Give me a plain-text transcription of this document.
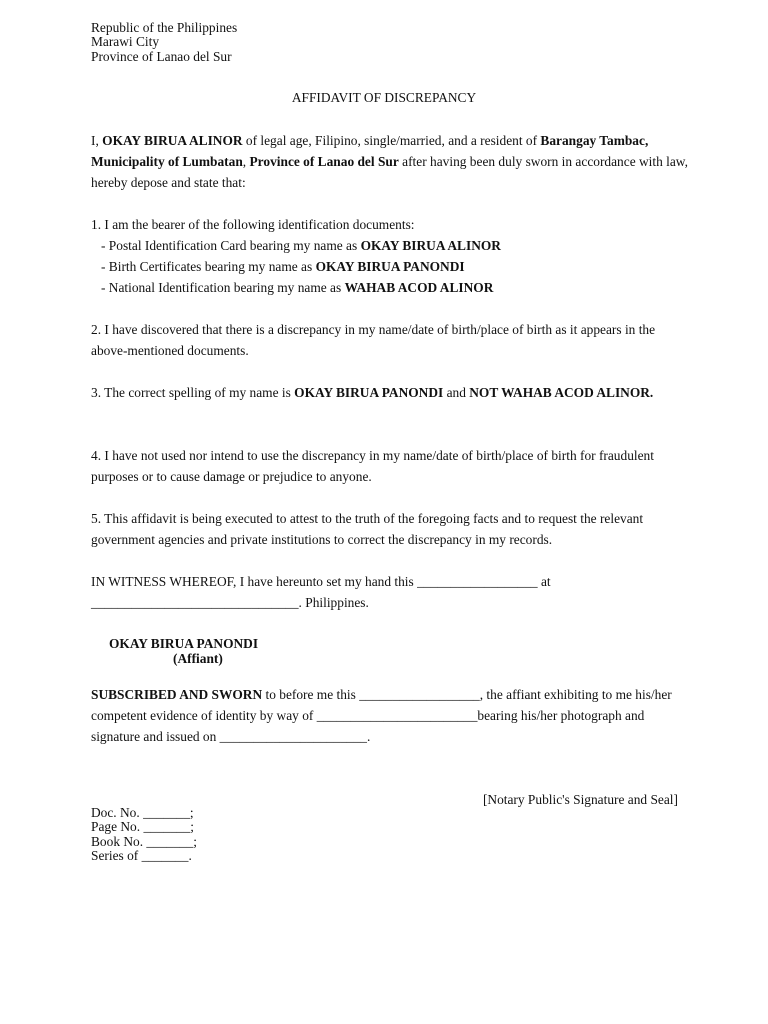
Republic of the Philippines
Marawi City
Province of Lanao del Sur
AFFIDAVIT OF DISCREPANCY
I, OKAY BIRUA ALINOR of legal age, Filipino, single/married, and a resident of Barangay Tambac, Municipality of Lumbatan, Province of Lanao del Sur after having been duly sworn in accordance with law, hereby depose and state that:
1. I am the bearer of the following identification documents:
- Postal Identification Card bearing my name as OKAY BIRUA ALINOR
- Birth Certificates bearing my name as OKAY BIRUA PANONDI
- National Identification bearing my name as WAHAB ACOD ALINOR
2. I have discovered that there is a discrepancy in my name/date of birth/place of birth as it appears in the above-mentioned documents.
3. The correct spelling of my name is OKAY BIRUA PANONDI and NOT WAHAB ACOD ALINOR.
4. I have not used nor intend to use the discrepancy in my name/date of birth/place of birth for fraudulent purposes or to cause damage or prejudice to anyone.
5. This affidavit is being executed to attest to the truth of the foregoing facts and to request the relevant government agencies and private institutions to correct the discrepancy in my records.
IN WITNESS WHEREOF, I have hereunto set my hand this __________________ at
_______________________________. Philippines.
OKAY BIRUA PANONDI
(Affiant)
SUBSCRIBED AND SWORN to before me this __________________, the affiant exhibiting to me his/her competent evidence of identity by way of ________________________bearing his/her photograph and signature and issued on ______________________.
[Notary Public's Signature and Seal]
Doc. No. _______;
Page No. _______;
Book No. _______;
Series of _______.
